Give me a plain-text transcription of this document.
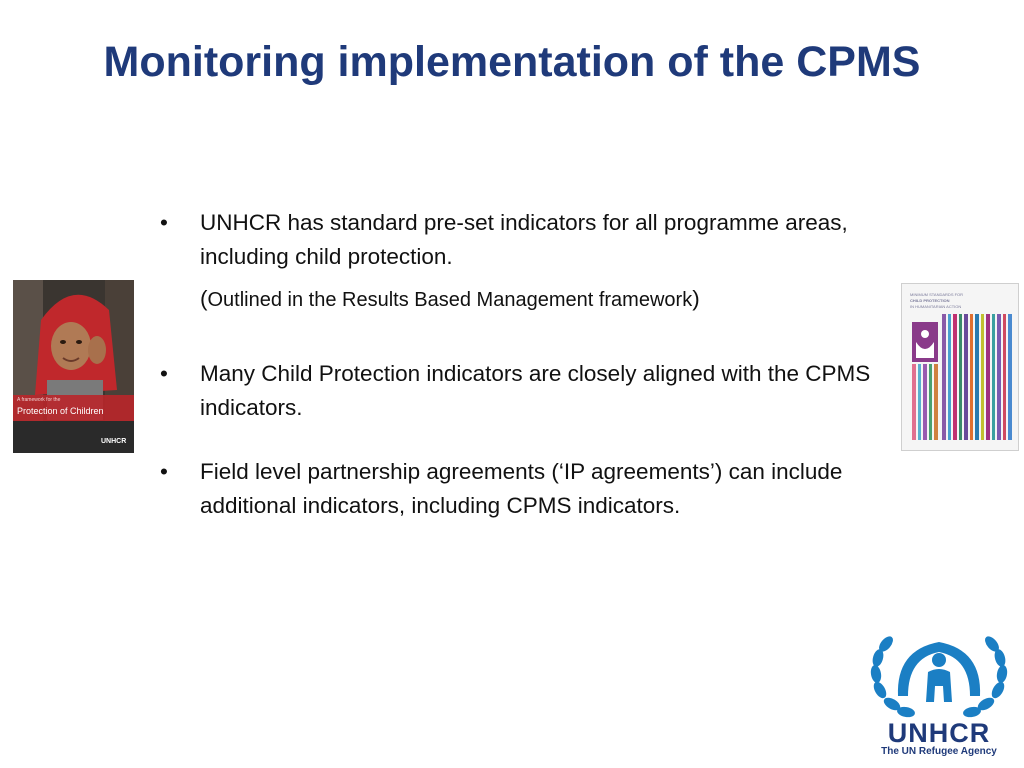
Monitoring implementation of the CPMS
• UNHCR has standard pre-set indicators for all programme areas, including child protection.
(Outlined in the Results Based Management framework)
• Many Child Protection indicators are closely aligned with the CPMS indicators.
• Field level partnership agreements (‘IP agreements’) can include additional indicators, including CPMS indicators.
A framework for the
Protection of Children
UNHCR
MINIMUM STANDARDS FOR
CHILD PROTECTION
IN HUMANITARIAN ACTION
UNHCR
The UN Refugee Agency
